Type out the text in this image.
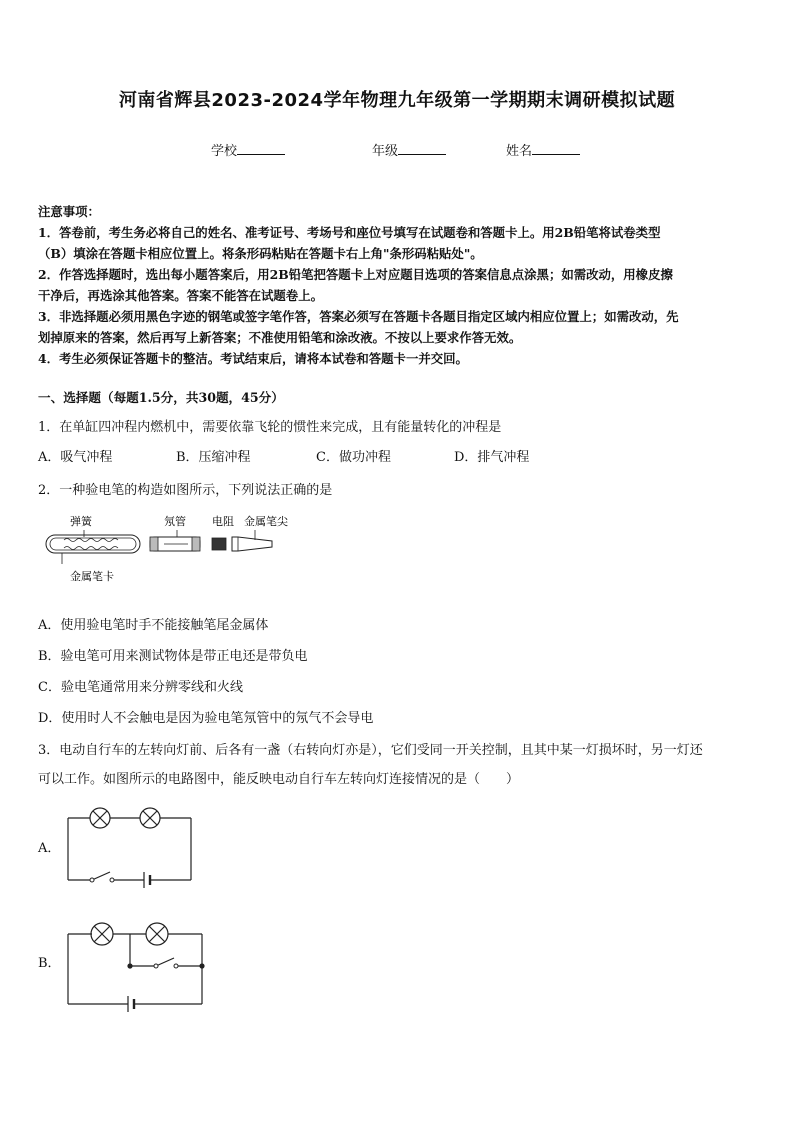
河南省辉县2023-2024学年物理九年级第一学期期末调研模拟试题
学校	年级	姓名

注意事项：

1．答卷前，考生务必将自己的姓名、准考证号、考场号和座位号填写在试题卷和答题卡上。用2B铅笔将试卷类型

（B）填涂在答题卡相应位置上。将条形码粘贴在答题卡右上角"条形码粘贴处"。

2．作答选择题时，选出每小题答案后，用2B铅笔把答题卡上对应题目选项的答案信息点涂黑；如需改动，用橡皮擦

干净后，再选涂其他答案。答案不能答在试题卷上。

3．非选择题必须用黑色字迹的钢笔或签字笔作答，答案必须写在答题卡各题目指定区域内相应位置上；如需改动，先

划掉原来的答案，然后再写上新答案；不准使用铅笔和涂改液。不按以上要求作答无效。

4．考生必须保证答题卡的整洁。考试结束后，请将本试卷和答题卡一并交回。

一、选择题（每题1.5分，共30题，45分）
1．在单缸四冲程内燃机中，需要依靠飞轮的惯性来完成，且有能量转化的冲程是
A．吸气冲程	B．压缩冲程	C．做功冲程	D．排气冲程
2．一种验电笔的构造如图所示，下列说法正确的是
弹簧	氖管 电阻 金属笔尖
金属笔卡
A．使用验电笔时手不能接触笔尾金属体
B．验电笔可用来测试物体是带正电还是带负电
C．验电笔通常用来分辨零线和火线
D．使用时人不会触电是因为验电笔氖管中的氖气不会导电
3．电动自行车的左转向灯前、后各有一盏（右转向灯亦是），它们受同一开关控制，且其中某一灯损坏时，另一灯还
可以工作。如图所示的电路图中，能反映电动自行车左转向灯连接情况的是（　　）
A．
B．
